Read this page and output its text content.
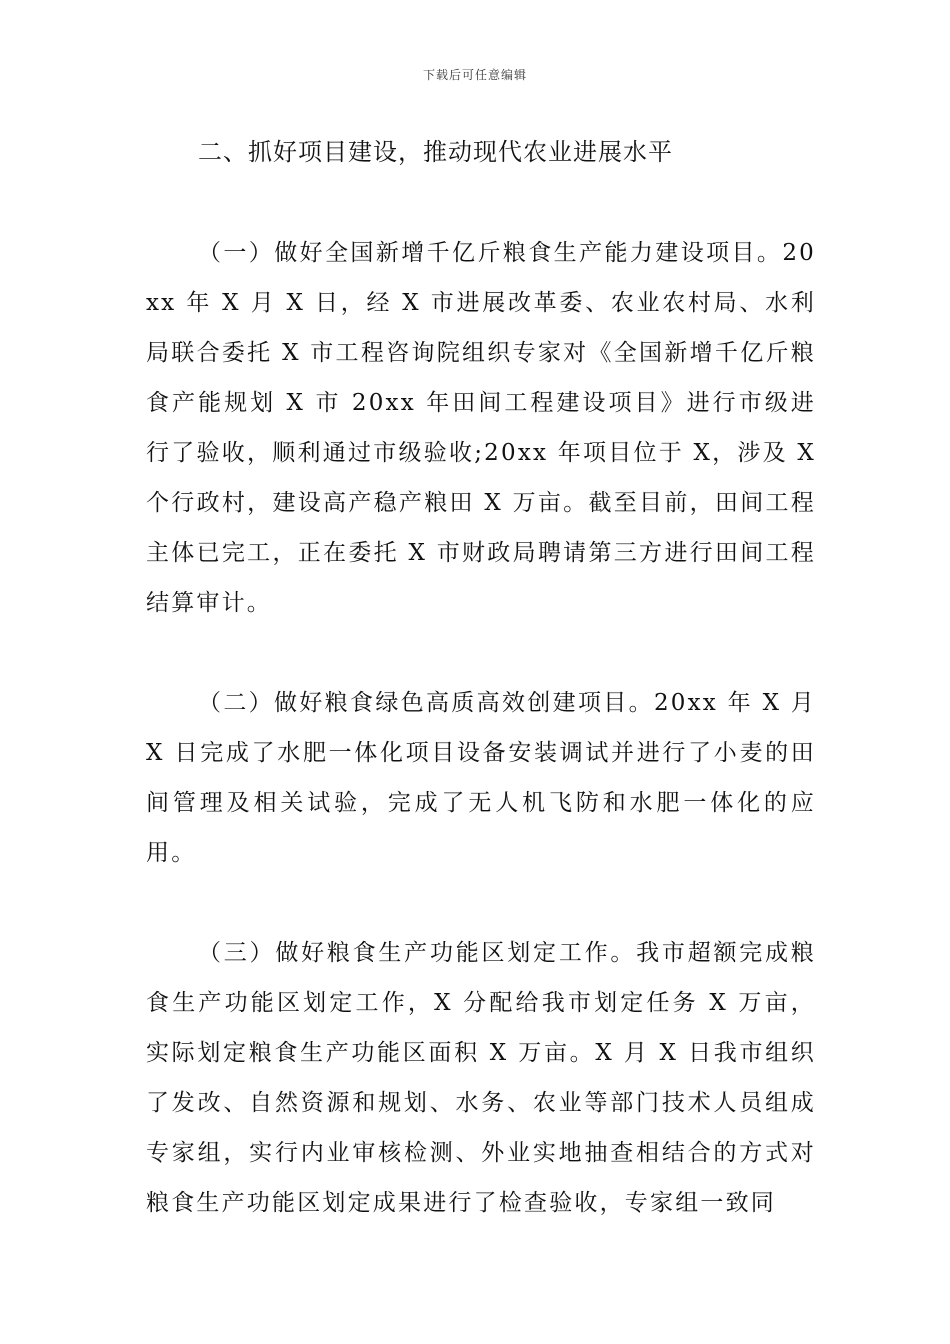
下载后可任意编辑

二、抓好项目建设，推动现代农业进展水平

（一）做好全国新增千亿斤粮食生产能力建设项目。20xx 年 X 月 X 日，经 X 市进展改革委、农业农村局、水利局联合委托 X 市工程咨询院组织专家对《全国新增千亿斤粮食产能规划 X 市 20xx 年田间工程建设项目》进行市级进行了验收，顺利通过市级验收;20xx 年项目位于 X，涉及 X 个行政村，建设高产稳产粮田 X 万亩。截至目前，田间工程主体已完工，正在委托 X 市财政局聘请第三方进行田间工程结算审计。

（二）做好粮食绿色高质高效创建项目。20xx 年 X 月 X 日完成了水肥一体化项目设备安装调试并进行了小麦的田间管理及相关试验，完成了无人机飞防和水肥一体化的应用。

（三）做好粮食生产功能区划定工作。我市超额完成粮食生产功能区划定工作，X 分配给我市划定任务 X 万亩，实际划定粮食生产功能区面积 X 万亩。X 月 X 日我市组织了发改、自然资源和规划、水务、农业等部门技术人员组成专家组，实行内业审核检测、外业实地抽查相结合的方式对粮食生产功能区划定成果进行了检查验收，专家组一致同
